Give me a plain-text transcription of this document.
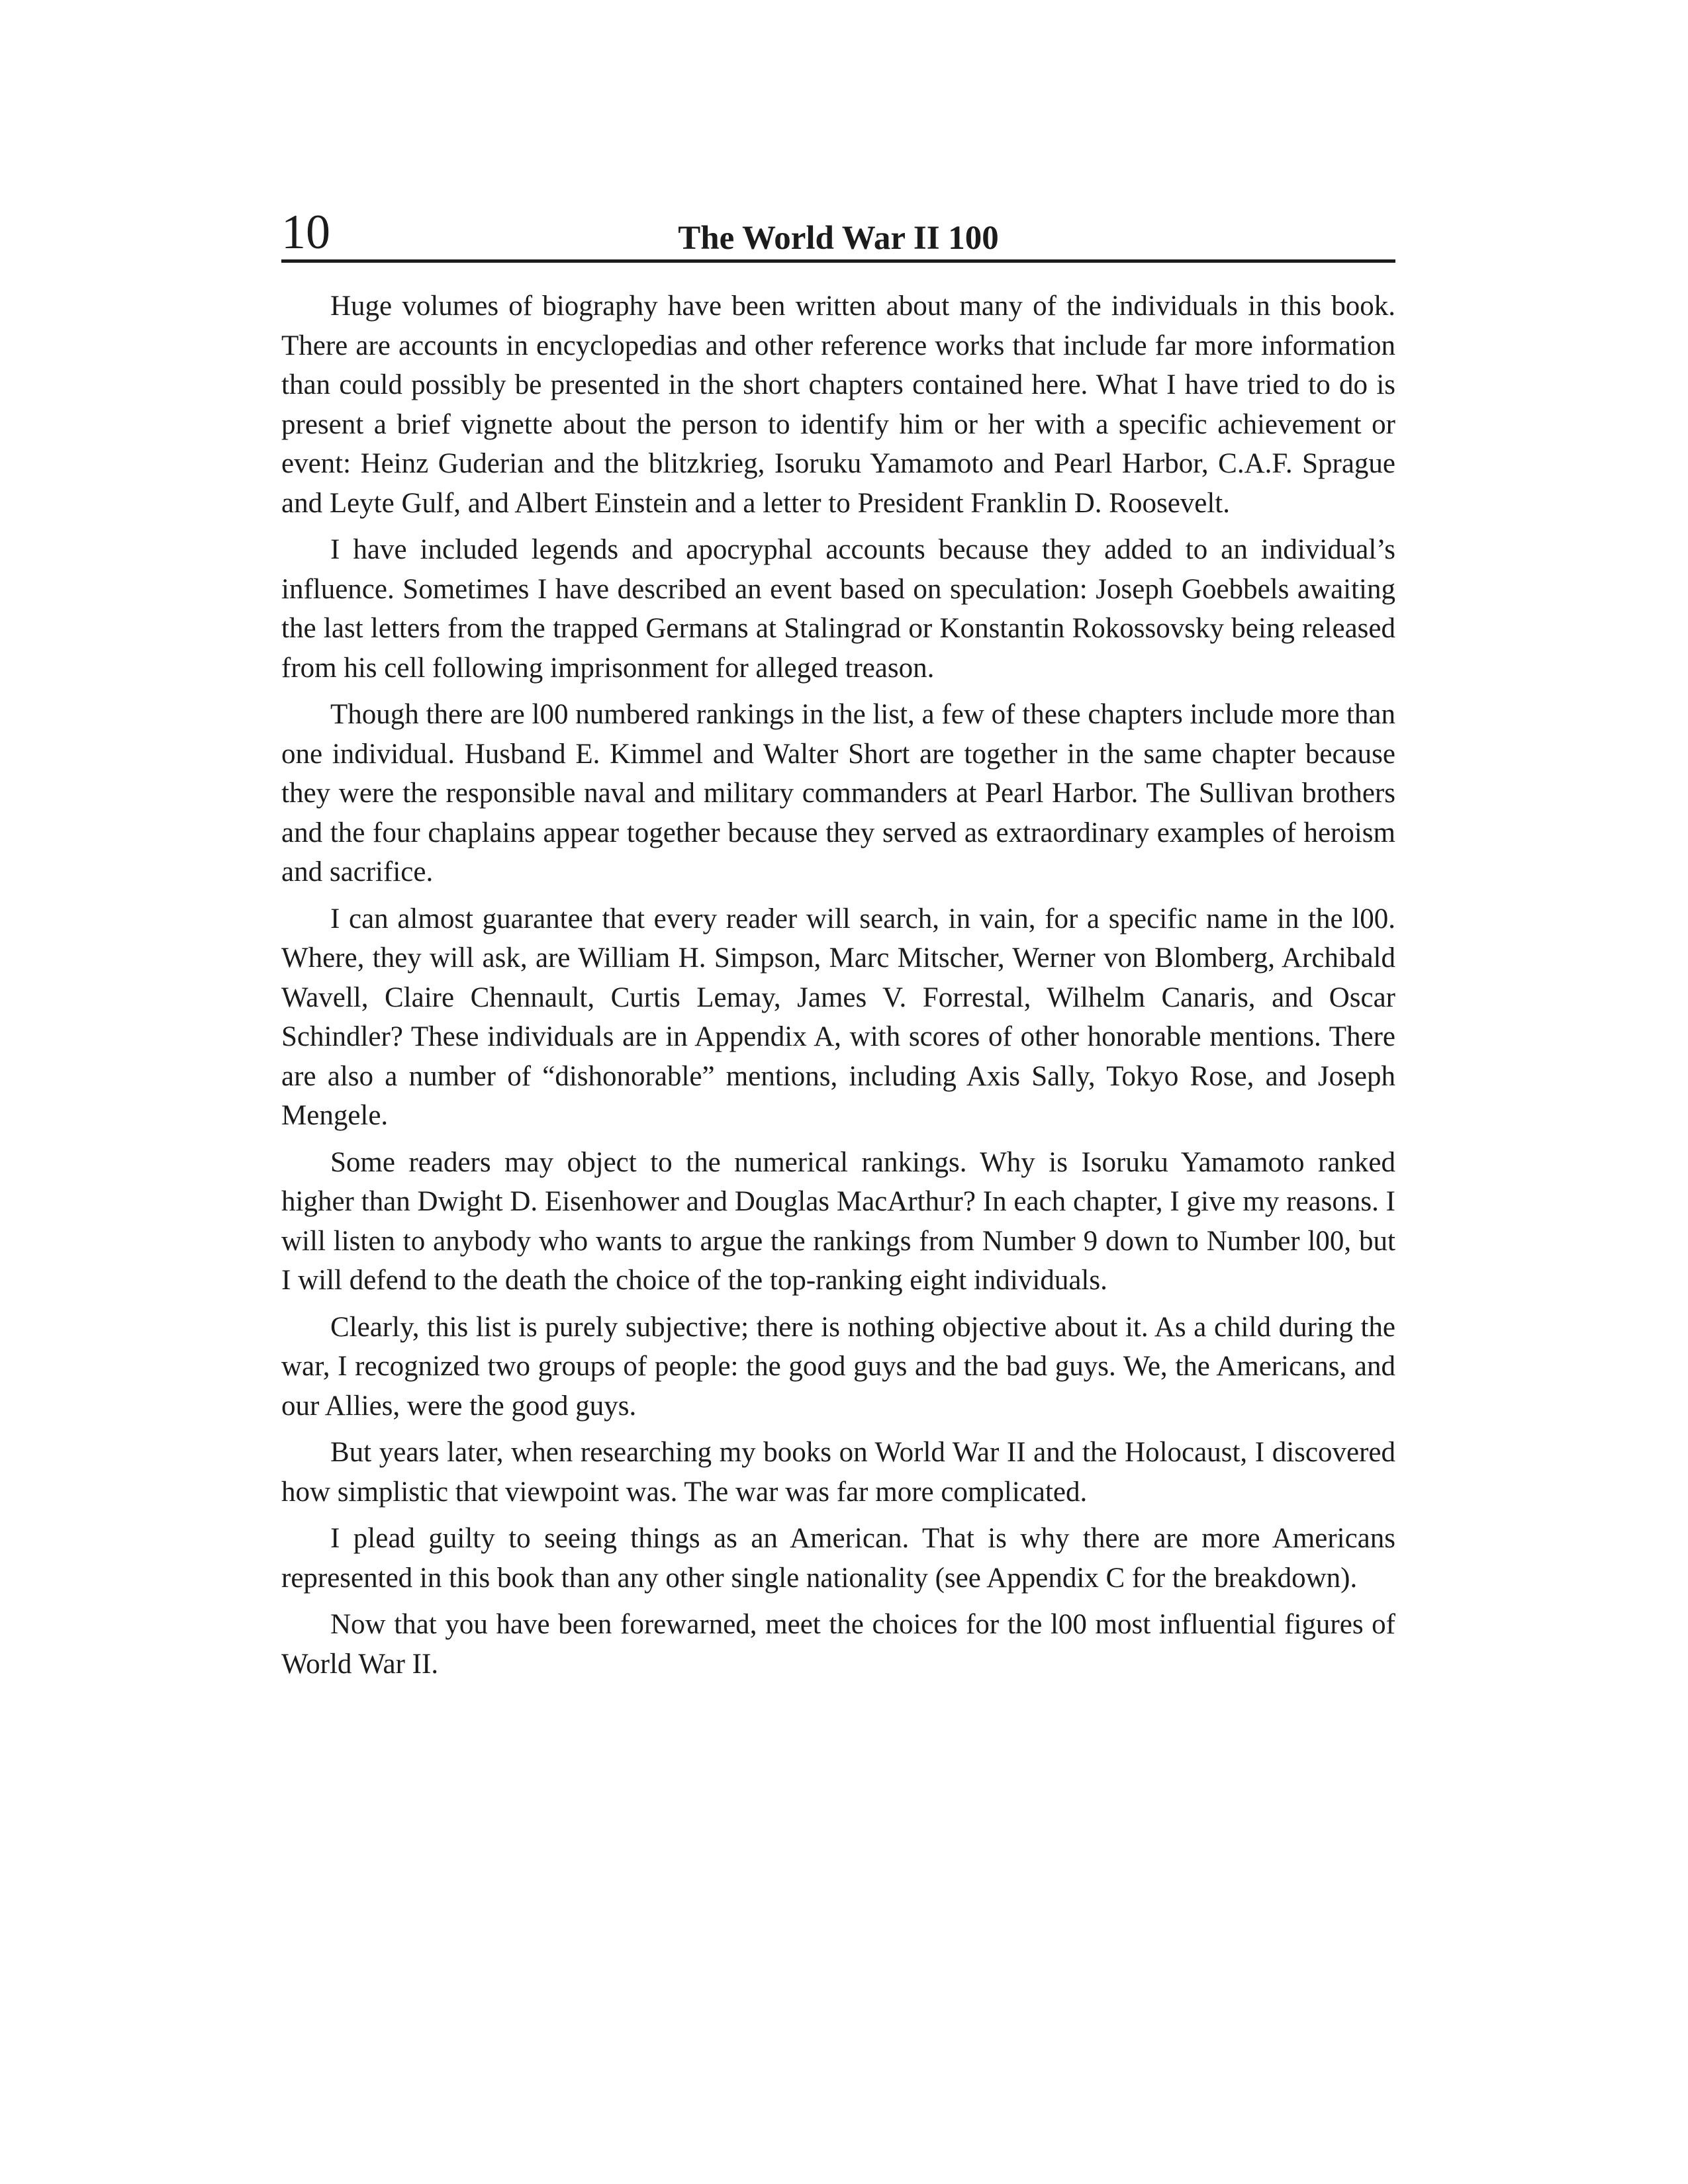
10	The World War II 100

Huge volumes of biography have been written about many of the individuals in this book. There are accounts in encyclopedias and other reference works that include far more information than could possibly be presented in the short chapters contained here. What I have tried to do is present a brief vignette about the person to identify him or her with a specific achievement or event: Heinz Guderian and the blitzkrieg, Isoruku Yamamoto and Pearl Harbor, C.A.F. Sprague and Leyte Gulf, and Albert Einstein and a letter to President Franklin D. Roosevelt.

I have included legends and apocryphal accounts because they added to an individual’s influence. Sometimes I have described an event based on speculation: Joseph Goebbels awaiting the last letters from the trapped Germans at Stalingrad or Konstantin Rokossovsky being released from his cell following imprisonment for alleged treason.

Though there are l00 numbered rankings in the list, a few of these chapters include more than one individual. Husband E. Kimmel and Walter Short are together in the same chapter because they were the responsible naval and military commanders at Pearl Harbor. The Sullivan brothers and the four chaplains appear together because they served as extraordinary examples of heroism and sacrifice.

I can almost guarantee that every reader will search, in vain, for a specific name in the l00. Where, they will ask, are William H. Simpson, Marc Mitscher, Werner von Blomberg, Archibald Wavell, Claire Chennault, Curtis Lemay, James V. Forrestal, Wilhelm Canaris, and Oscar Schindler? These individuals are in Appendix A, with scores of other honorable mentions. There are also a number of “dishonorable” mentions, including Axis Sally, Tokyo Rose, and Joseph Mengele.

Some readers may object to the numerical rankings. Why is Isoruku Yamamoto ranked higher than Dwight D. Eisenhower and Douglas MacArthur? In each chapter, I give my reasons. I will listen to anybody who wants to argue the rankings from Number 9 down to Number l00, but I will defend to the death the choice of the top-ranking eight individuals.

Clearly, this list is purely subjective; there is nothing objective about it. As a child during the war, I recognized two groups of people: the good guys and the bad guys. We, the Americans, and our Allies, were the good guys.

But years later, when researching my books on World War II and the Holocaust, I discovered how simplistic that viewpoint was. The war was far more complicated.

I plead guilty to seeing things as an American. That is why there are more Americans represented in this book than any other single nationality (see Appendix C for the breakdown).

Now that you have been forewarned, meet the choices for the l00 most influential figures of World War II.
